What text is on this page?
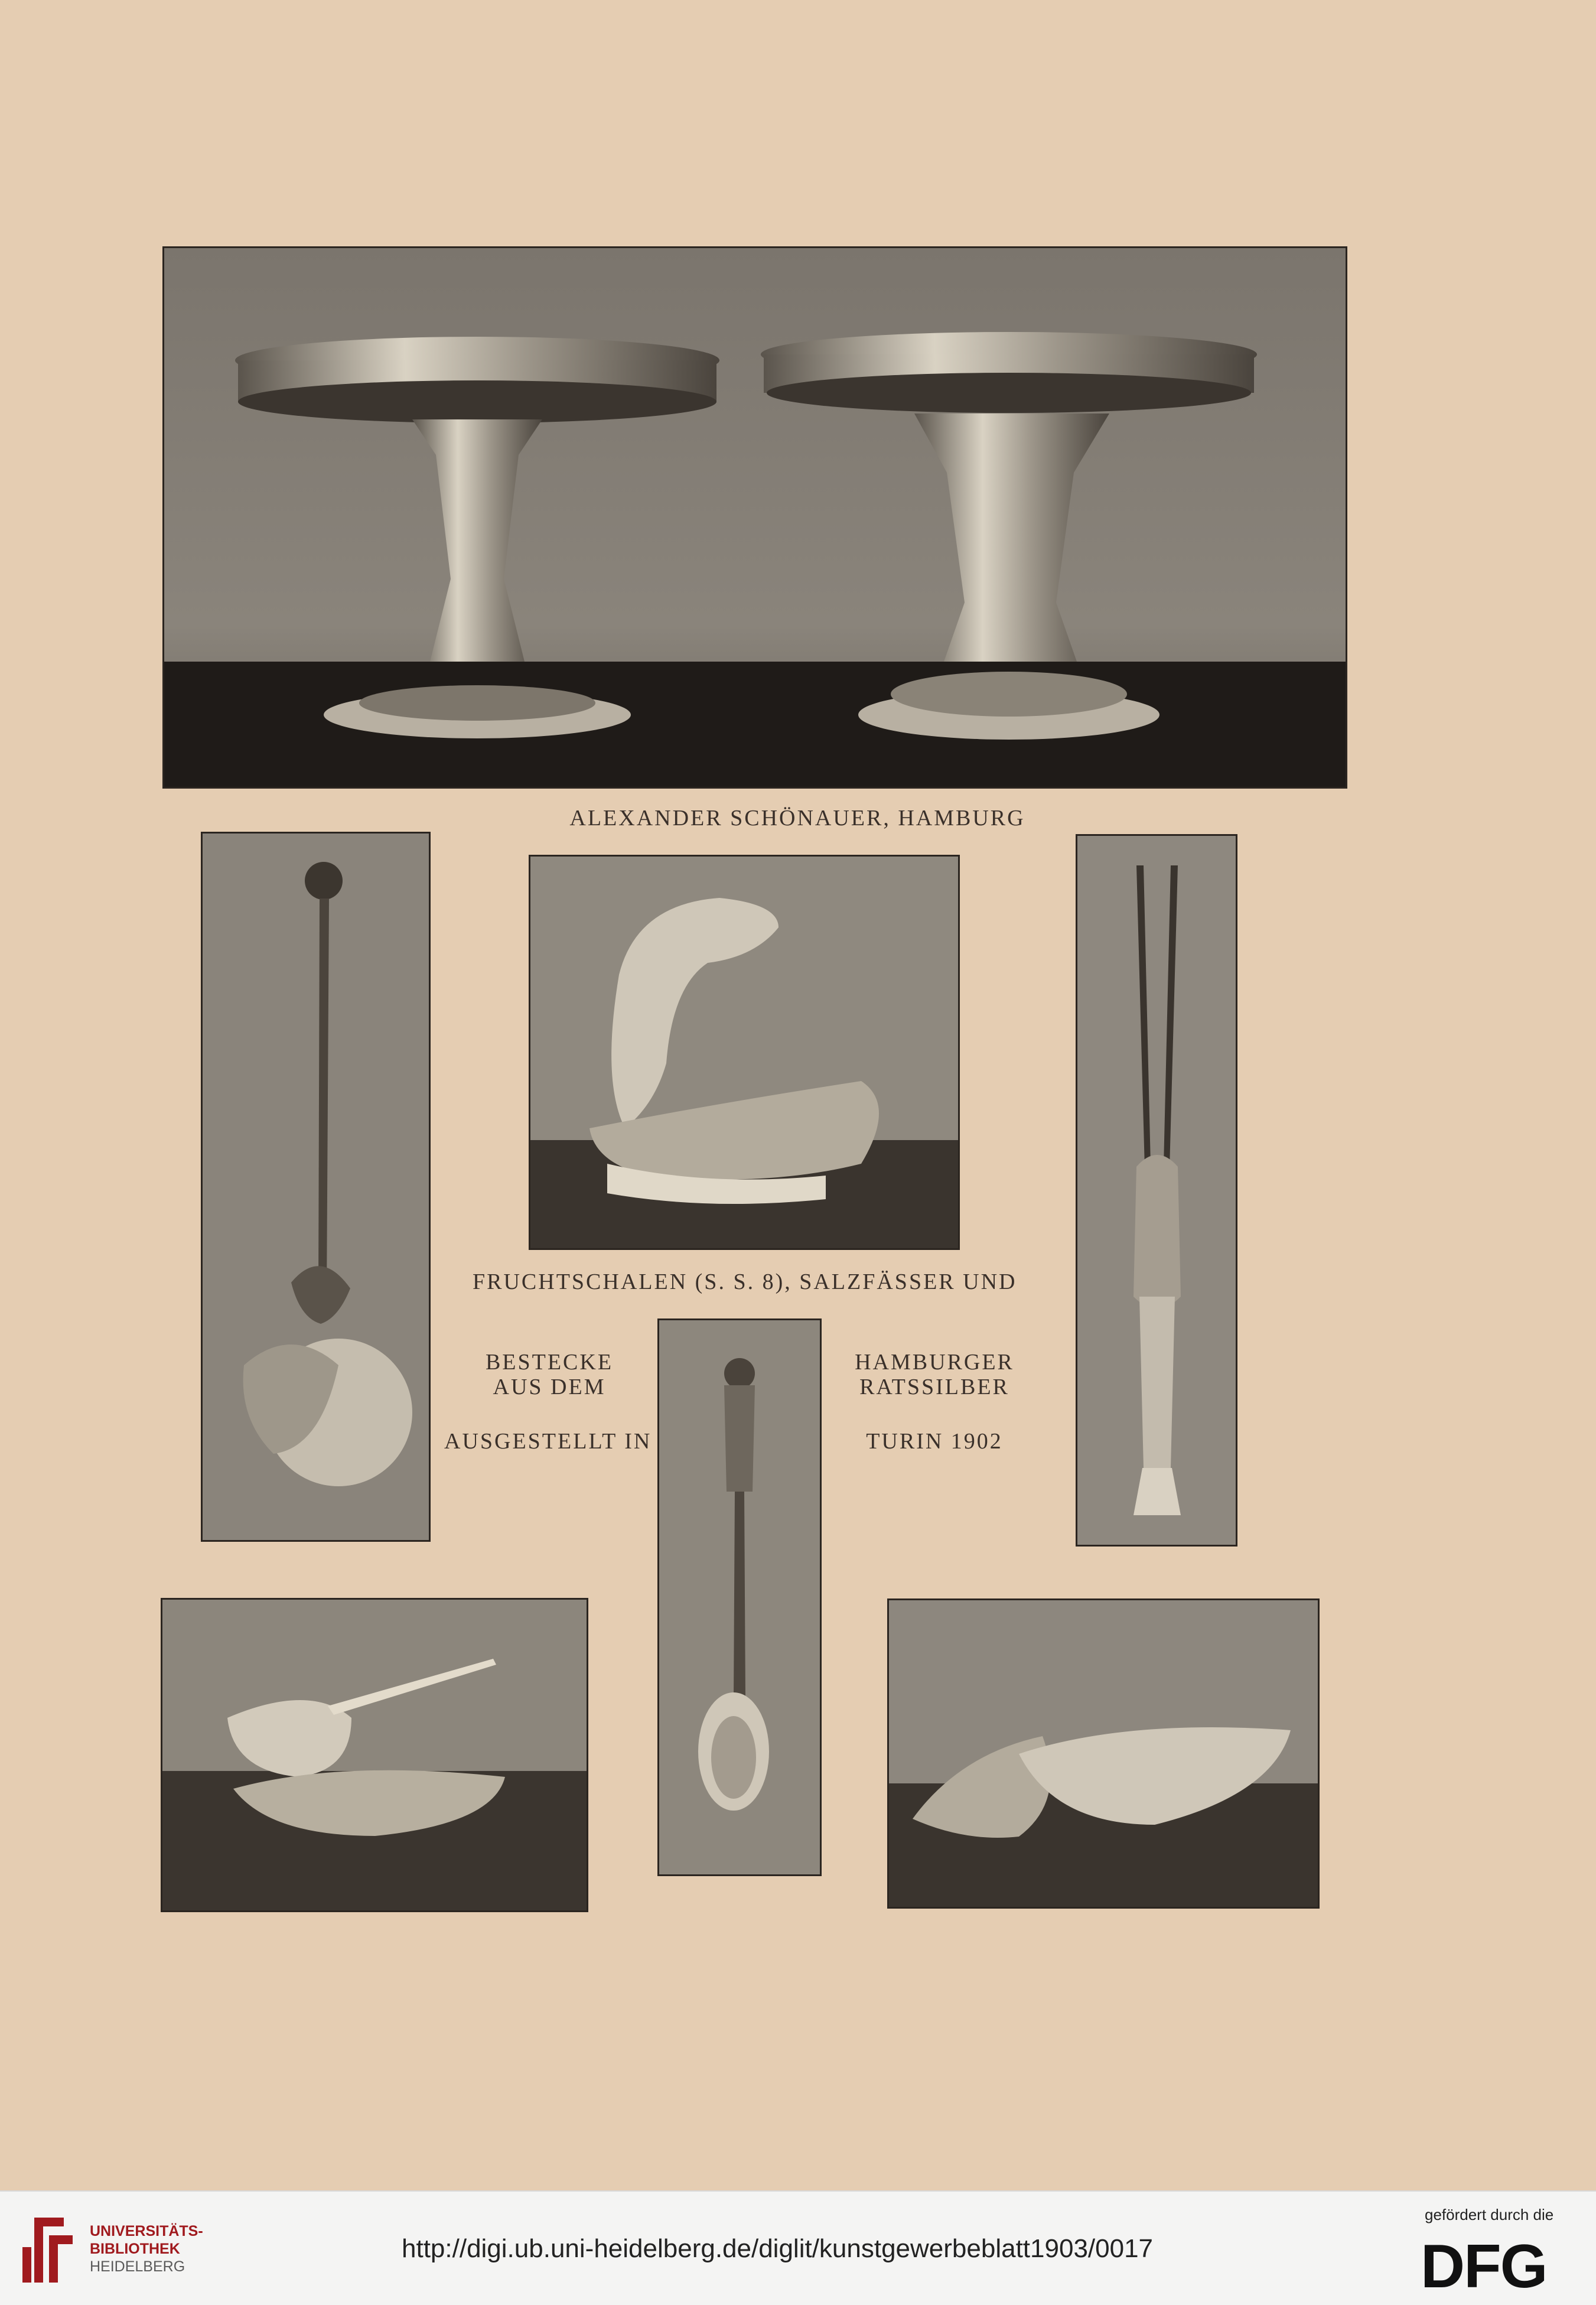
ALEXANDER SCHÖNAUER, HAMBURG
FRUCHTSCHALEN (S. S. 8), SALZFÄSSER UND
BESTECKE
AUS DEM
AUSGESTELLT IN
HAMBURGER
RATSSILBER
TURIN 1902
UNIVERSITÄTS-
BIBLIOTHEK
HEIDELBERG
http://digi.ub.uni-heidelberg.de/diglit/kunstgewerbeblatt1903/0017
gefördert durch die
DFG
